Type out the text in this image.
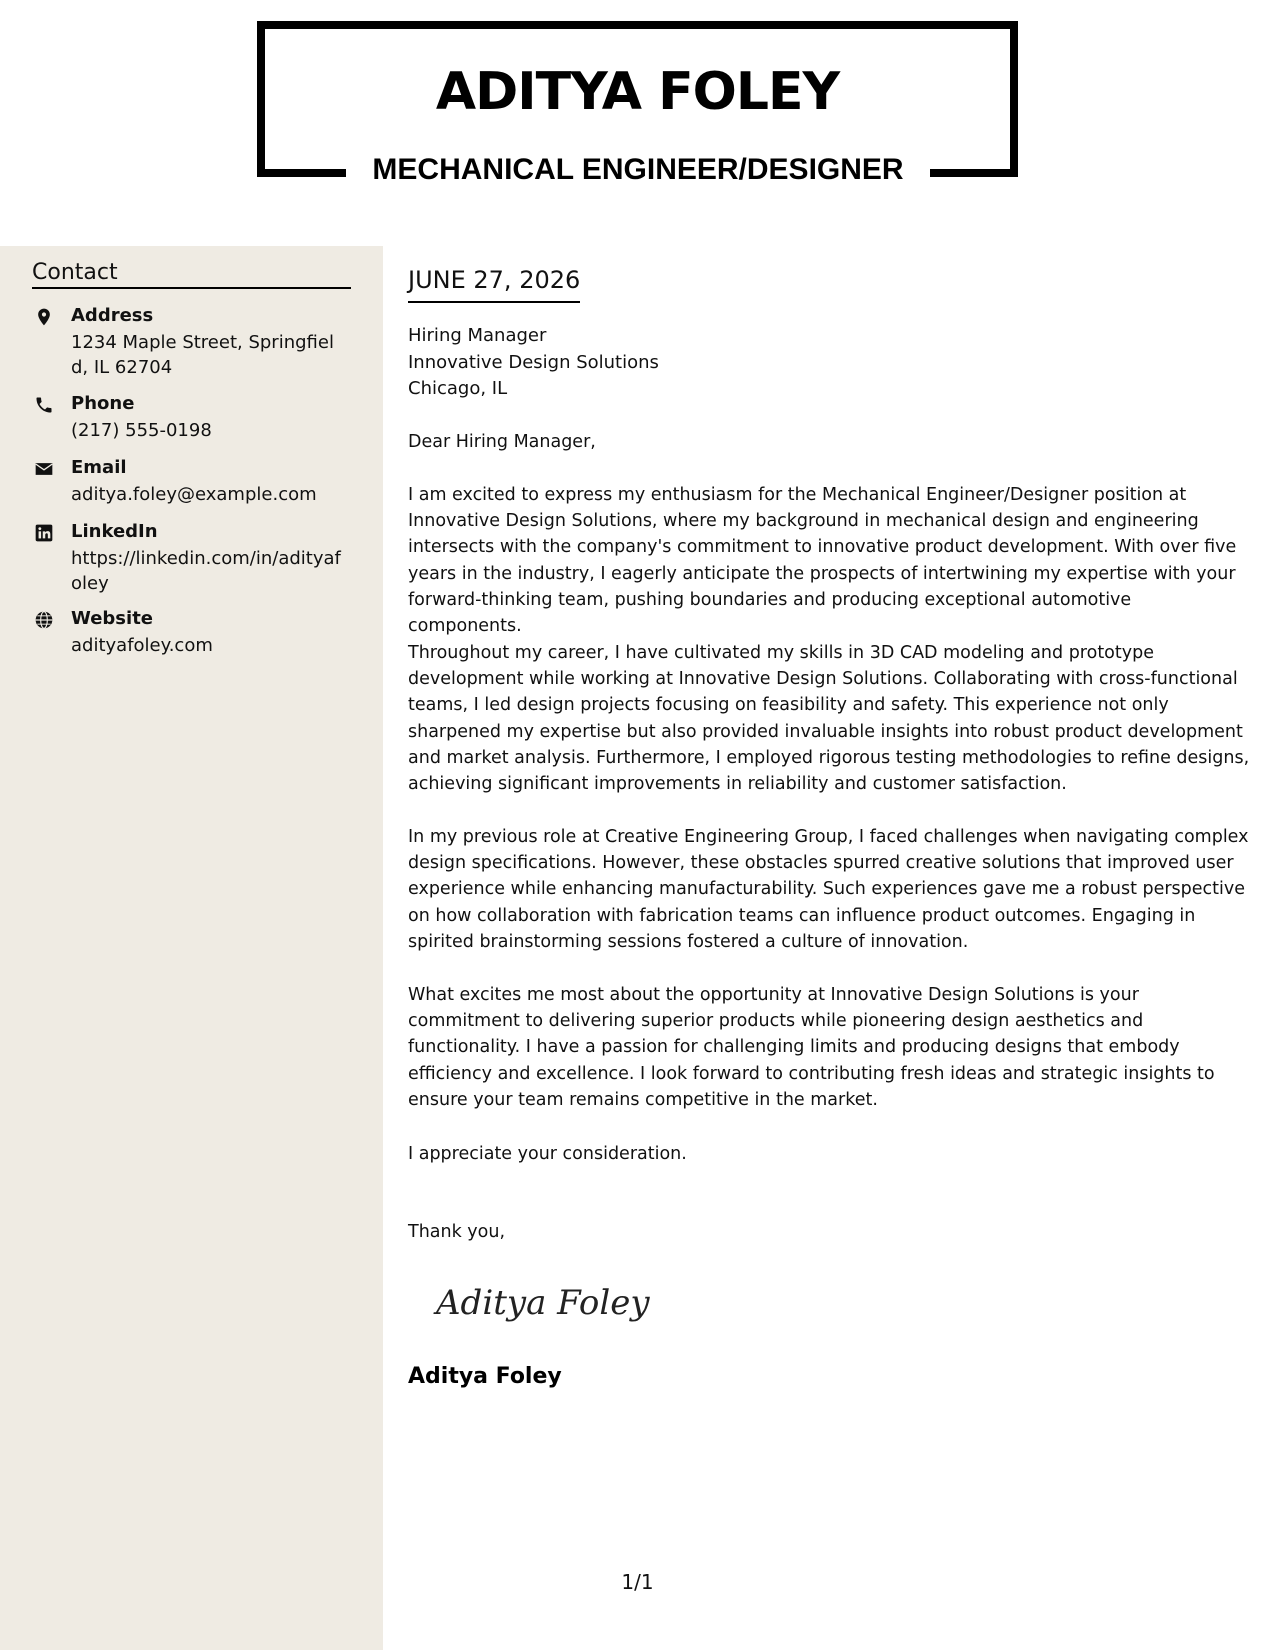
ADITYA FOLEY
MECHANICAL ENGINEER/DESIGNER
Contact
Address
1234 Maple Street, Springfield, IL 62704
Phone
(217) 555-0198
Email
aditya.foley@example.com
LinkedIn
https://linkedin.com/in/adityafoley
Website
adityafoley.com
JUNE 27, 2026
Hiring Manager
Innovative Design Solutions
Chicago, IL
Dear Hiring Manager,
I am excited to express my enthusiasm for the Mechanical Engineer/Designer position at Innovative Design Solutions, where my background in mechanical design and engineering intersects with the company's commitment to innovative product development. With over five years in the industry, I eagerly anticipate the prospects of intertwining my expertise with your forward-thinking team, pushing boundaries and producing exceptional automotive components.
Throughout my career, I have cultivated my skills in 3D CAD modeling and prototype development while working at Innovative Design Solutions. Collaborating with cross-functional teams, I led design projects focusing on feasibility and safety. This experience not only sharpened my expertise but also provided invaluable insights into robust product development and market analysis. Furthermore, I employed rigorous testing methodologies to refine designs, achieving significant improvements in reliability and customer satisfaction.
In my previous role at Creative Engineering Group, I faced challenges when navigating complex design specifications. However, these obstacles spurred creative solutions that improved user experience while enhancing manufacturability. Such experiences gave me a robust perspective on how collaboration with fabrication teams can influence product outcomes. Engaging in spirited brainstorming sessions fostered a culture of innovation.
What excites me most about the opportunity at Innovative Design Solutions is your commitment to delivering superior products while pioneering design aesthetics and functionality. I have a passion for challenging limits and producing designs that embody efficiency and excellence. I look forward to contributing fresh ideas and strategic insights to ensure your team remains competitive in the market.
I appreciate your consideration.
Thank you,
Aditya Foley
Aditya Foley
1/1
